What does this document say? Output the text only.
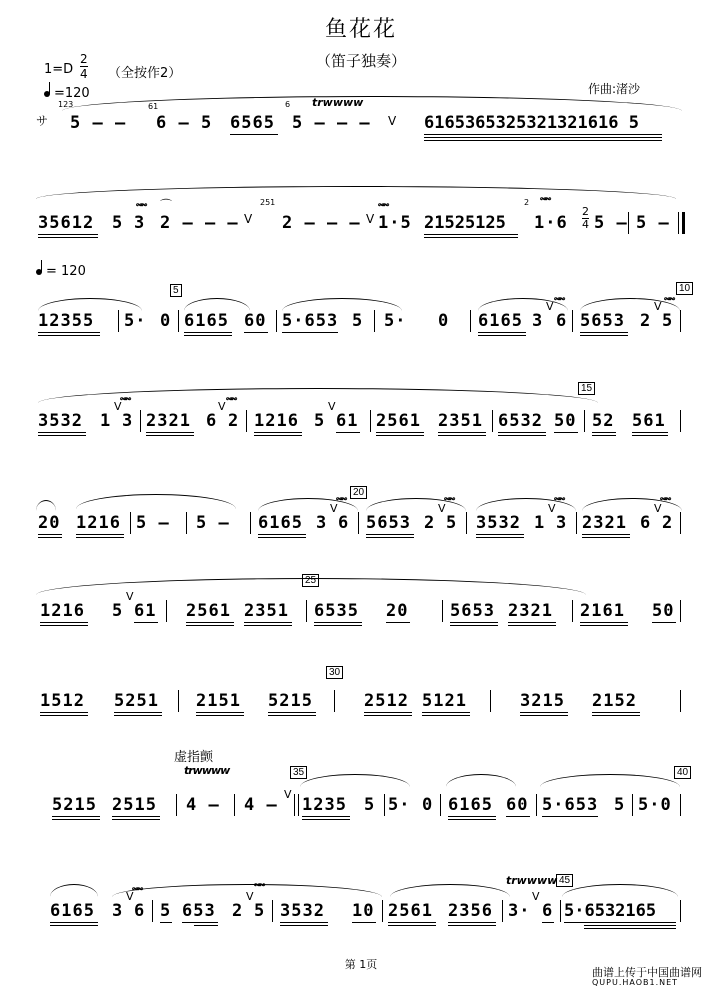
鱼花花
（笛子独奏）
1=D
2
4 （全按作2）
作曲:渚沙
=120
サ
123
5 — —
61
6 — 5 6565
6 trwwww
5 — — — V 6165365325321321616 5
35612 5 3
𝆗𝆗
2 — — —
⌒
V
251
2 — — — V 1·5
𝆗𝆗
21525125
2 𝆗𝆗
1·6
2
4 5 — 5 —
= 120
5	10
12355 5· 0 6165 60 5·653 5 5· 0 6165 3
V
𝆗𝆗
6 5653 2
V
𝆗𝆗
5
15
3532 1
V
𝆗𝆗
3 2321 6
V
𝆗𝆗
2 1216 5
V
61 2561 2351 6532 50 52 561
20
20 1216 5 — 5 — 6165 3
V
𝆗𝆗
6 5653 2
V
𝆗𝆗
5 3532 1
V
𝆗𝆗
3 2321 6
V
𝆗𝆗
2
25
1216 5
V
61 2561 2351 6535 20 5653 2321 2161 50
30
1512 5251 2151 5215	2512 5121	3215 2152
虚指颤
trwwww	35	40
5215 2515 4 — 4 —
V
1235 5 5· 0 6165 60 5·653 5 5·0
trwwww 45
6165 3
V
𝆗𝆗
6 5 653 2
V
𝆗𝆗
5 3532 10 2561 2356 3·
V
6 5·6532165
第 1页
曲谱上传于中国曲谱网
QUPU.HAOB1.NET
